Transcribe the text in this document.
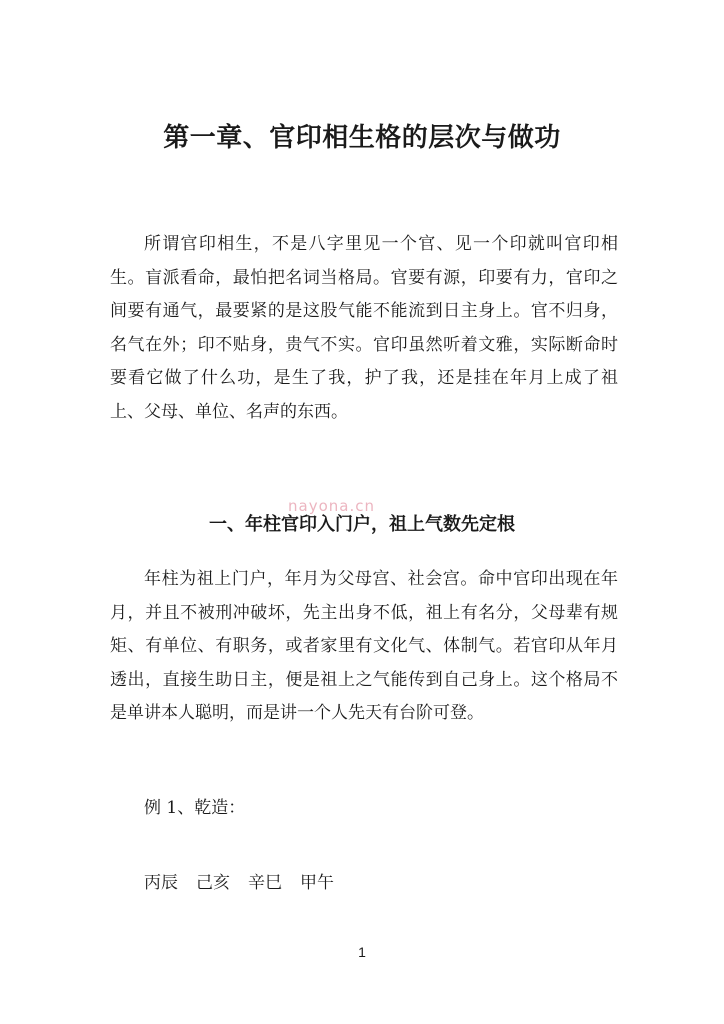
第一章、官印相生格的层次与做功

所谓官印相生，不是八字里见一个官、见一个印就叫官印相生。盲派看命，最怕把名词当格局。官要有源，印要有力，官印之间要有通气，最要紧的是这股气能不能流到日主身上。官不归身，名气在外；印不贴身，贵气不实。官印虽然听着文雅，实际断命时要看它做了什么功，是生了我，护了我，还是挂在年月上成了祖上、父母、单位、名声的东西。

一、年柱官印入门户，祖上气数先定根
nayona.cn

年柱为祖上门户，年月为父母宫、社会宫。命中官印出现在年月，并且不被刑冲破坏，先主出身不低，祖上有名分，父母辈有规矩、有单位、有职务，或者家里有文化气、体制气。若官印从年月透出，直接生助日主，便是祖上之气能传到自己身上。这个格局不是单讲本人聪明，而是讲一个人先天有台阶可登。

例 1、乾造：

丙辰 己亥 辛巳 甲午
1
